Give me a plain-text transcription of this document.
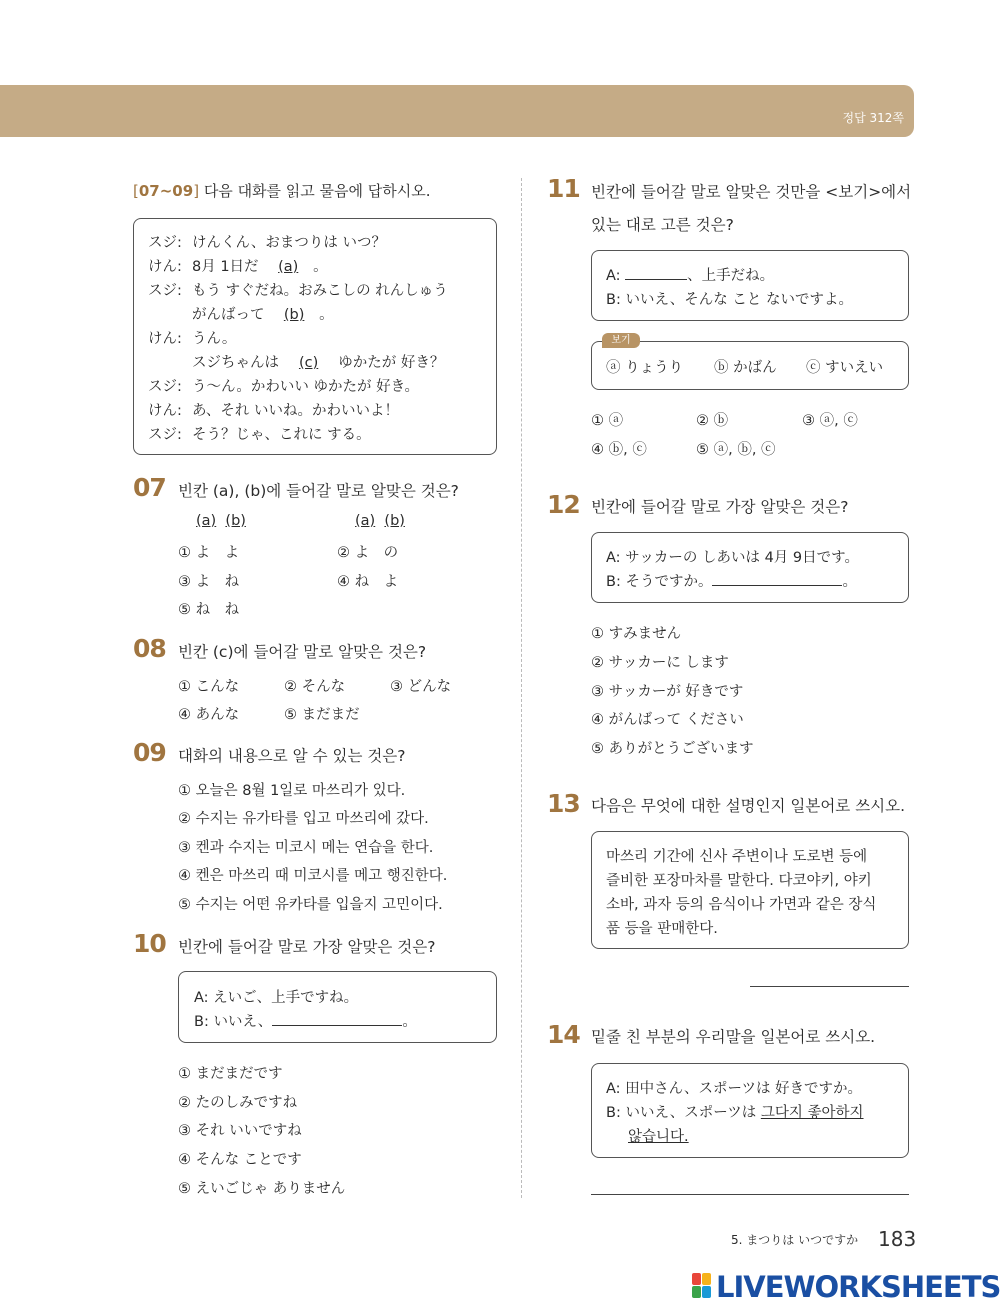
정답 312쪽
[07~09] 다음 대화를 읽고 물음에 답하시오.
スジ: けんくん、おまつりは いつ？
けん: 8月 1日だ (a) 。
スジ: もう すぐだね。おみこしの れんしゅう
がんばって (b) 。
けん: うん。
スジちゃんは (c) ゆかたが 好き？
スジ: う～ん。かわいい ゆかたが 好き。
けん: あ、それ いいね。かわいいよ！
スジ: そう？じゃ、これに する。
07 빈칸 (a), (b)에 들어갈 말로 알맞은 것은?
(a) (b)	(a) (b)
① よ　よ	② よ　の
③ よ　ね	④ ね　よ
⑤ ね　ね
08 빈칸 (c)에 들어갈 말로 알맞은 것은?
① こんな	② そんな	③ どんな
④ あんな	⑤ まだまだ
09 대화의 내용으로 알 수 있는 것은?
① 오늘은 8월 1일로 마쓰리가 있다.
② 수지는 유가타를 입고 마쓰리에 갔다.
③ 켄과 수지는 미코시 메는 연습을 한다.
④ 켄은 마쓰리 때 미코시를 메고 행진한다.
⑤ 수지는 어떤 유카타를 입을지 고민이다.
10 빈칸에 들어갈 말로 가장 알맞은 것은?
A: えいご、上手ですね。
B: いいえ、	。
① まだまだです
② たのしみですね
③ それ いいですね
④ そんな ことです
⑤ えいごじゃ ありません
11 빈칸에 들어갈 말로 알맞은 것만을 <보기>에서
있는 대로 고른 것은?
A:	、上手だね。
B: いいえ、そんな こと ないですよ。
ⓐ りょうり ⓑ かばん ⓒ すいえい
보기
① ⓐ	② ⓑ	③ ⓐ, ⓒ
④ ⓑ, ⓒ	⑤ ⓐ, ⓑ, ⓒ
12 빈칸에 들어갈 말로 가장 알맞은 것은?
A: サッカーの しあいは 4月 9日です。
B: そうですか。	。
① すみません
② サッカーに します
③ サッカーが 好きです
④ がんばって ください
⑤ ありがとうございます
13 다음은 무엇에 대한 설명인지 일본어로 쓰시오.
마쓰리 기간에 신사 주변이나 도로변 등에
즐비한 포장마차를 말한다. 다코야키, 야키
소바, 과자 등의 음식이나 가면과 같은 장식
품 등을 판매한다.
14 밑줄 친 부분의 우리말을 일본어로 쓰시오.
A: 田中さん、スポーツは 好きですか。
B: いいえ、スポーツは 그다지 좋아하지
않습니다.
5. まつりは いつですか 183
LIVEWORKSHEETS
